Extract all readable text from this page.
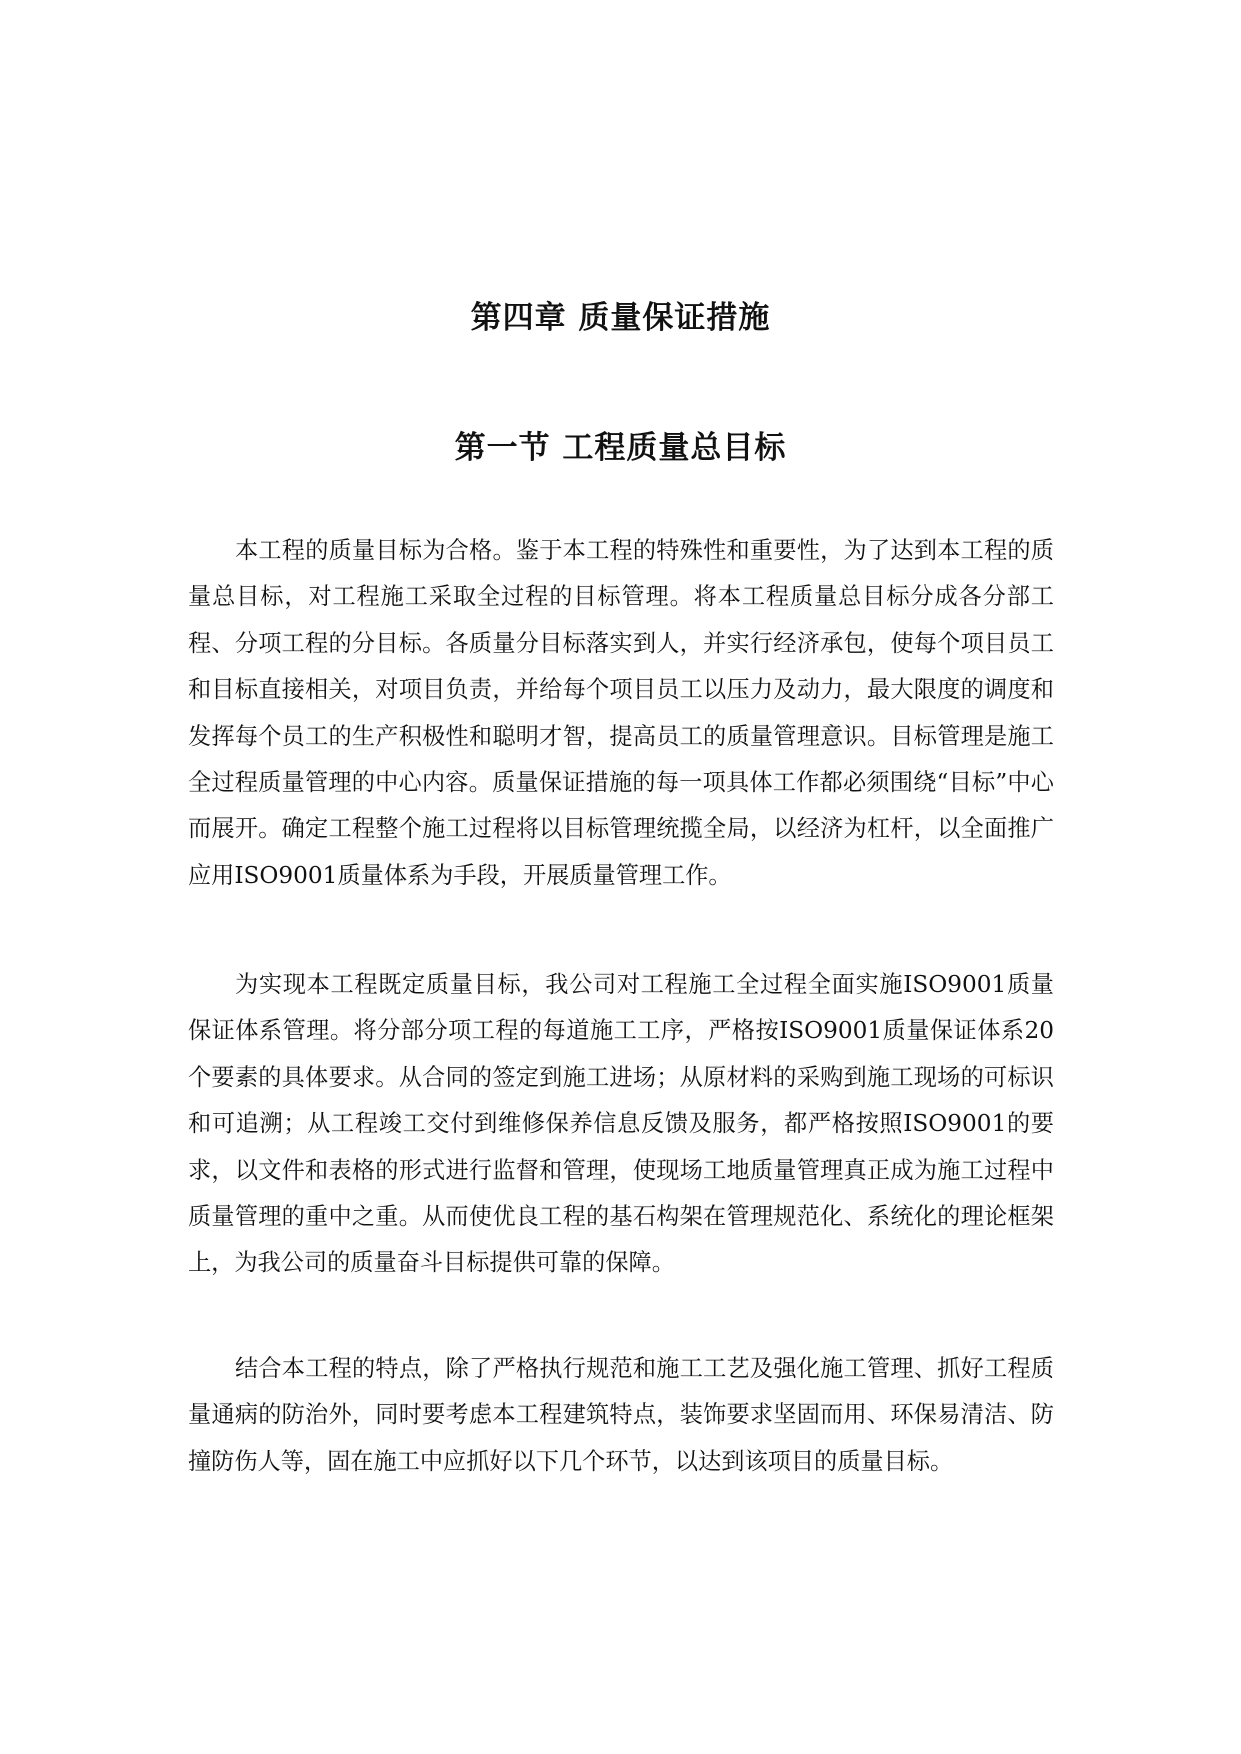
第四章 质量保证措施
第一节 工程质量总目标

本工程的质量目标为合格。鉴于本工程的特殊性和重要性，为了达到本工程的质量总目标，对工程施工采取全过程的目标管理。将本工程质量总目标分成各分部工程、分项工程的分目标。各质量分目标落实到人，并实行经济承包，使每个项目员工和目标直接相关，对项目负责，并给每个项目员工以压力及动力，最大限度的调度和发挥每个员工的生产积极性和聪明才智，提高员工的质量管理意识。目标管理是施工全过程质量管理的中心内容。质量保证措施的每一项具体工作都必须围绕“目标”中心而展开。确定工程整个施工过程将以目标管理统揽全局，以经济为杠杆，以全面推广应用ISO9001质量体系为手段，开展质量管理工作。

为实现本工程既定质量目标，我公司对工程施工全过程全面实施ISO9001质量保证体系管理。将分部分项工程的每道施工工序，严格按ISO9001质量保证体系20个要素的具体要求。从合同的签定到施工进场；从原材料的采购到施工现场的可标识和可追溯；从工程竣工交付到维修保养信息反馈及服务，都严格按照ISO9001的要求，以文件和表格的形式进行监督和管理，使现场工地质量管理真正成为施工过程中质量管理的重中之重。从而使优良工程的基石构架在管理规范化、系统化的理论框架上，为我公司的质量奋斗目标提供可靠的保障。

结合本工程的特点，除了严格执行规范和施工工艺及强化施工管理、抓好工程质量通病的防治外，同时要考虑本工程建筑特点，装饰要求坚固而用、环保易清洁、防撞防伤人等，固在施工中应抓好以下几个环节，以达到该项目的质量目标。
